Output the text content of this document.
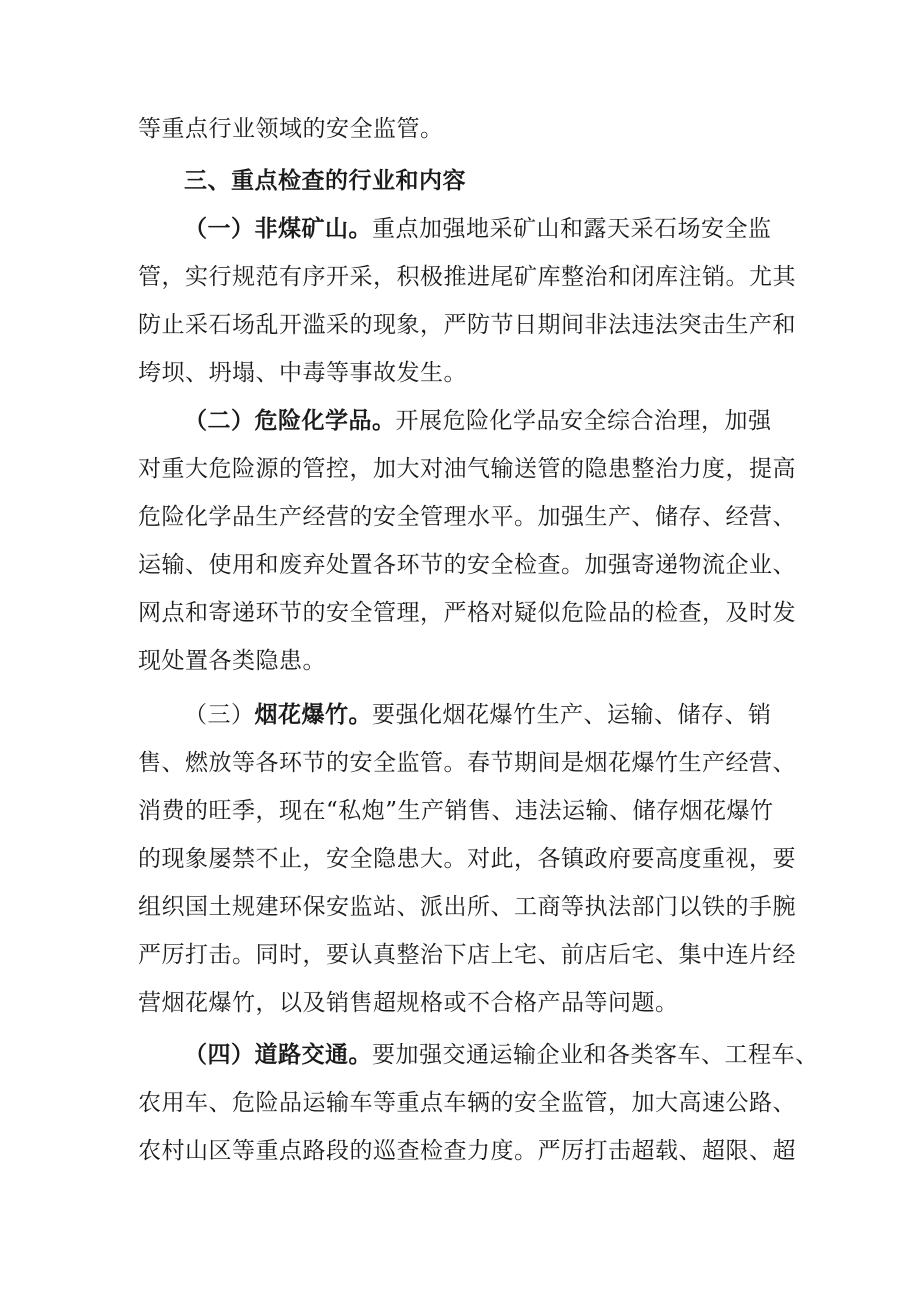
等重点行业领域的安全监管。
三、重点检查的行业和内容
（一）非煤矿山。重点加强地采矿山和露天采石场安全监
管，实行规范有序开采，积极推进尾矿库整治和闭库注销。尤其
防止采石场乱开滥采的现象，严防节日期间非法违法突击生产和
垮坝、坍塌、中毒等事故发生。
（二）危险化学品。开展危险化学品安全综合治理，加强
对重大危险源的管控，加大对油气输送管的隐患整治力度，提高
危险化学品生产经营的安全管理水平。加强生产、储存、经营、
运输、使用和废弃处置各环节的安全检查。加强寄递物流企业、
网点和寄递环节的安全管理，严格对疑似危险品的检查，及时发
现处置各类隐患。
（三）烟花爆竹。要强化烟花爆竹生产、运输、储存、销
售、燃放等各环节的安全监管。春节期间是烟花爆竹生产经营、
消费的旺季，现在“私炮”生产销售、违法运输、储存烟花爆竹
的现象屡禁不止，安全隐患大。对此，各镇政府要高度重视，要
组织国土规建环保安监站、派出所、工商等执法部门以铁的手腕
严厉打击。同时，要认真整治下店上宅、前店后宅、集中连片经
营烟花爆竹，以及销售超规格或不合格产品等问题。
（四）道路交通。要加强交通运输企业和各类客车、工程车、
农用车、危险品运输车等重点车辆的安全监管，加大高速公路、
农村山区等重点路段的巡查检查力度。严厉打击超载、超限、超
